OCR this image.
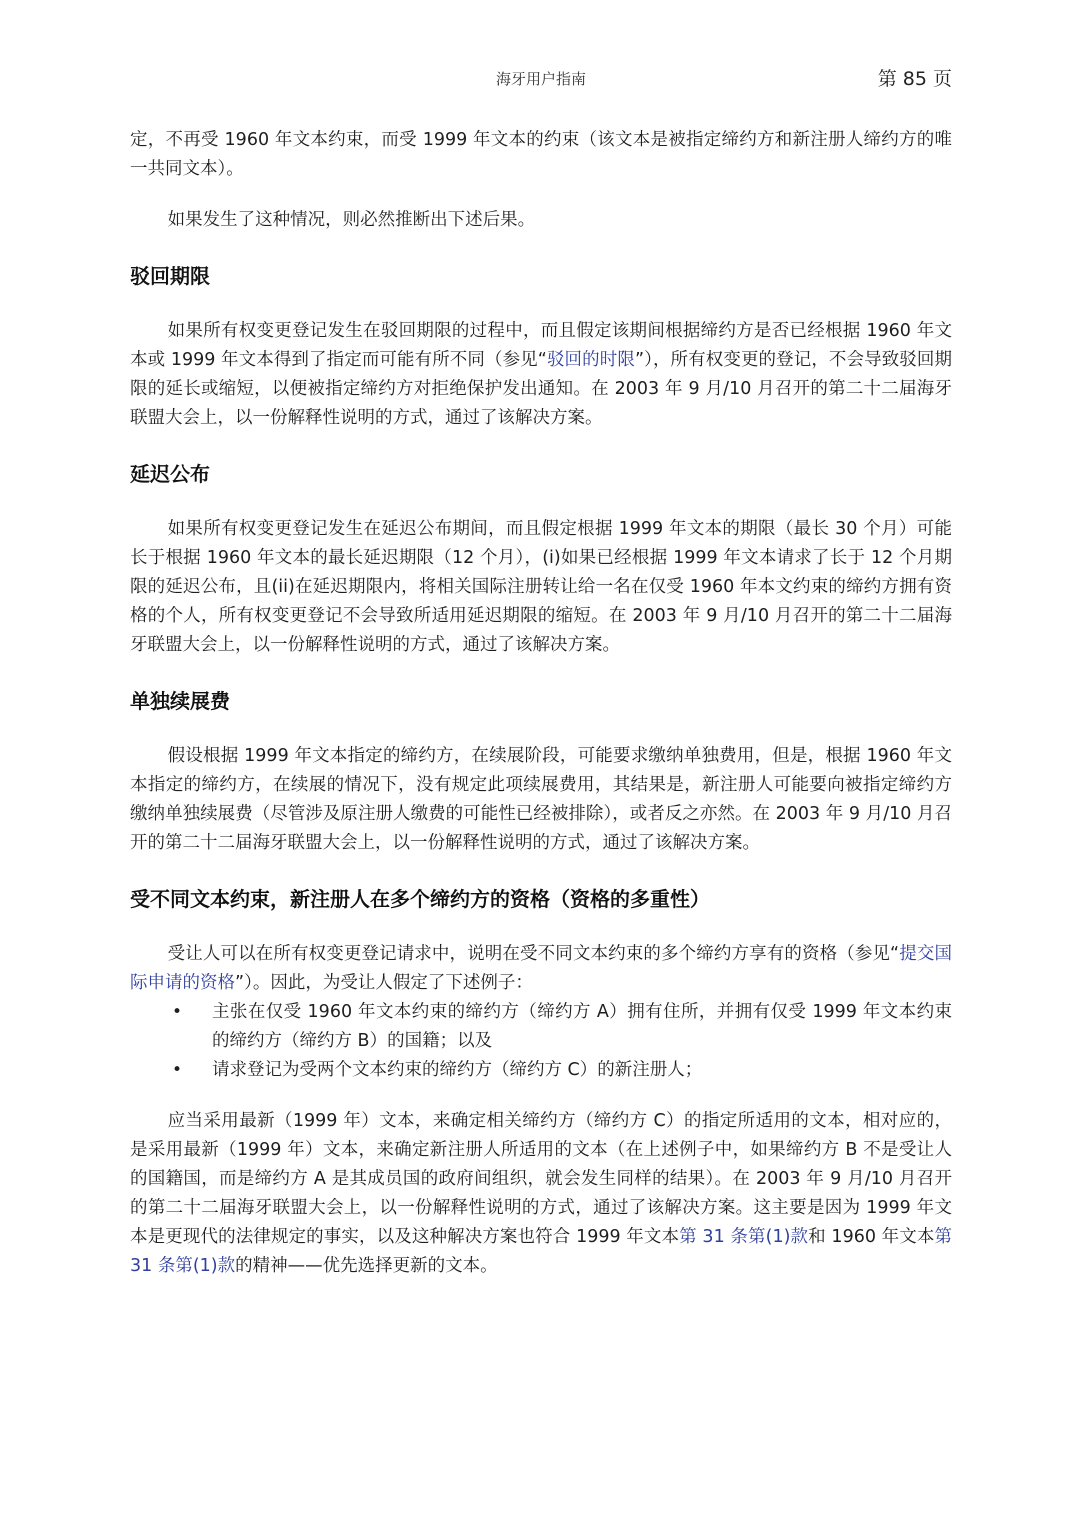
海牙用户指南	第 85 页

定，不再受 1960 年文本约束，而受 1999 年文本的约束（该文本是被指定缔约方和新注册人缔约方的唯一共同文本）。

如果发生了这种情况，则必然推断出下述后果。

驳回期限

如果所有权变更登记发生在驳回期限的过程中，而且假定该期间根据缔约方是否已经根据 1960 年文本或 1999 年文本得到了指定而可能有所不同（参见“驳回的时限”），所有权变更的登记，不会导致驳回期限的延长或缩短，以便被指定缔约方对拒绝保护发出通知。在 2003 年 9 月/10 月召开的第二十二届海牙联盟大会上，以一份解释性说明的方式，通过了该解决方案。

延迟公布

如果所有权变更登记发生在延迟公布期间，而且假定根据 1999 年文本的期限（最长 30 个月）可能长于根据 1960 年文本的最长延迟期限（12 个月），(i)如果已经根据 1999 年文本请求了长于 12 个月期限的延迟公布，且(ii)在延迟期限内，将相关国际注册转让给一名在仅受 1960 年本文约束的缔约方拥有资格的个人，所有权变更登记不会导致所适用延迟期限的缩短。在 2003 年 9 月/10 月召开的第二十二届海牙联盟大会上，以一份解释性说明的方式，通过了该解决方案。

单独续展费

假设根据 1999 年文本指定的缔约方，在续展阶段，可能要求缴纳单独费用，但是，根据 1960 年文本指定的缔约方，在续展的情况下，没有规定此项续展费用，其结果是，新注册人可能要向被指定缔约方缴纳单独续展费（尽管涉及原注册人缴费的可能性已经被排除），或者反之亦然。在 2003 年 9 月/10 月召开的第二十二届海牙联盟大会上，以一份解释性说明的方式，通过了该解决方案。

受不同文本约束，新注册人在多个缔约方的资格（资格的多重性）

受让人可以在所有权变更登记请求中，说明在受不同文本约束的多个缔约方享有的资格（参见“提交国际申请的资格”）。因此，为受让人假定了下述例子：

• 主张在仅受 1960 年文本约束的缔约方（缔约方 A）拥有住所，并拥有仅受 1999 年文本约束的缔约方（缔约方 B）的国籍；以及
• 请求登记为受两个文本约束的缔约方（缔约方 C）的新注册人；

应当采用最新（1999 年）文本，来确定相关缔约方（缔约方 C）的指定所适用的文本，相对应的，是采用最新（1999 年）文本，来确定新注册人所适用的文本（在上述例子中，如果缔约方 B 不是受让人的国籍国，而是缔约方 A 是其成员国的政府间组织，就会发生同样的结果）。在 2003 年 9 月/10 月召开的第二十二届海牙联盟大会上，以一份解释性说明的方式，通过了该解决方案。这主要是因为 1999 年文本是更现代的法律规定的事实，以及这种解决方案也符合 1999 年文本第 31 条第(1)款和 1960 年文本第 31 条第(1)款的精神——优先选择更新的文本。
